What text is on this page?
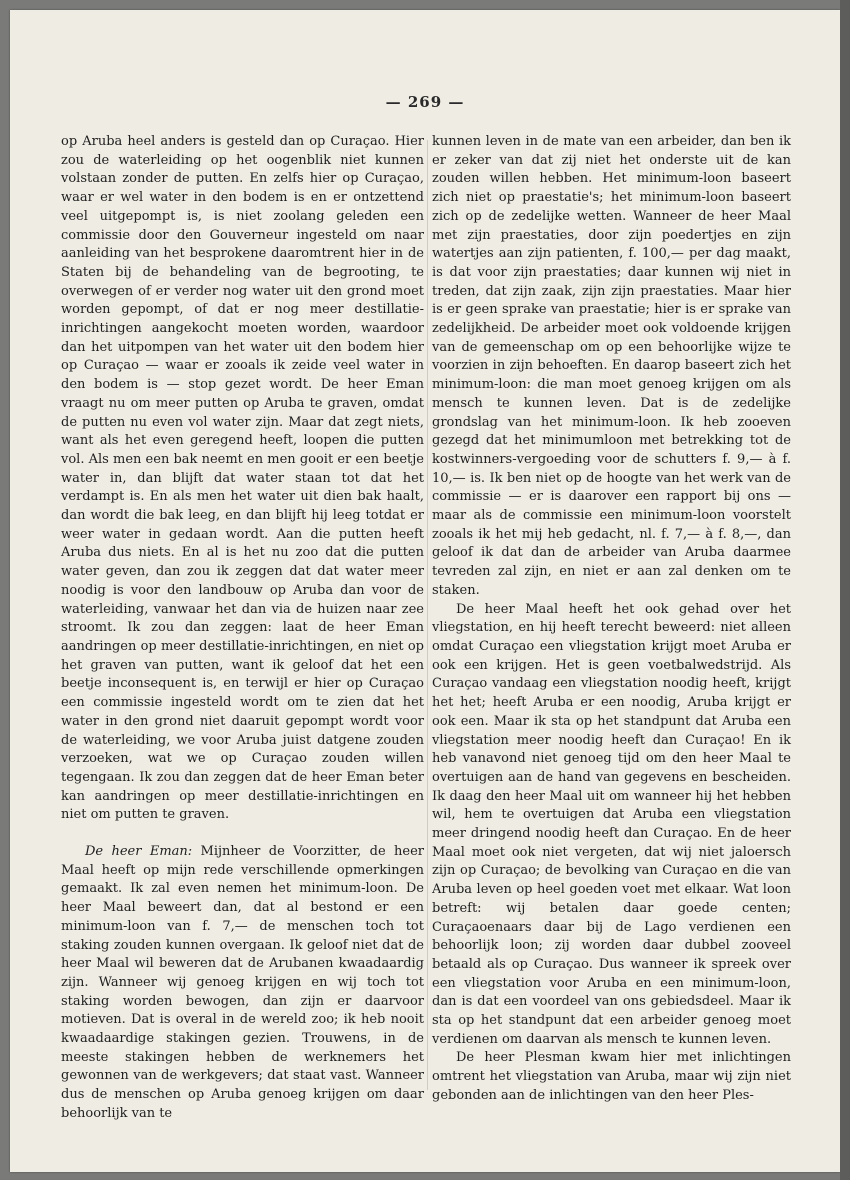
— 269 —

op Aruba heel anders is gesteld dan op Curaçao. Hier zou de waterleiding op het oogenblik niet kunnen volstaan zonder de putten. En zelfs hier op Curaçao, waar er wel water in den bodem is en er ontzettend veel uitgepompt is, is niet zoolang geleden een commissie door den Gouverneur ingesteld om naar aanleiding van het besprokene daaromtrent hier in de Staten bij de behandeling van de begrooting, te overwegen of er verder nog water uit den grond moet worden gepompt, of dat er nog meer destillatie-inrichtingen aangekocht moeten worden, waardoor dan het uitpompen van het water uit den bodem hier op Curaçao — waar er zooals ik zeide veel water in den bodem is — stop gezet wordt. De heer Eman vraagt nu om meer putten op Aruba te graven, omdat de putten nu even vol water zijn. Maar dat zegt niets, want als het even geregend heeft, loopen die putten vol. Als men een bak neemt en men gooit er een beetje water in, dan blijft dat water staan tot dat het verdampt is. En als men het water uit dien bak haalt, dan wordt die bak leeg, en dan blijft hij leeg totdat er weer water in gedaan wordt. Aan die putten heeft Aruba dus niets. En al is het nu zoo dat die putten water geven, dan zou ik zeggen dat dat water meer noodig is voor den landbouw op Aruba dan voor de waterleiding, vanwaar het dan via de huizen naar zee stroomt. Ik zou dan zeggen: laat de heer Eman aandringen op meer destillatie-inrichtingen, en niet op het graven van putten, want ik geloof dat het een beetje inconsequent is, en terwijl er hier op Curaçao een commissie ingesteld wordt om te zien dat het water in den grond niet daaruit gepompt wordt voor de waterleiding, we voor Aruba juist datgene zouden verzoeken, wat we op Curaçao zouden willen tegengaan. Ik zou dan zeggen dat de heer Eman beter kan aandringen op meer destillatie-inrichtingen en niet om putten te graven.

De heer Eman: Mijnheer de Voorzitter, de heer Maal heeft op mijn rede verschillende opmerkingen gemaakt. Ik zal even nemen het minimum-loon. De heer Maal beweert dan, dat al bestond er een minimum-loon van f. 7,— de menschen toch tot staking zouden kunnen overgaan. Ik geloof niet dat de heer Maal wil beweren dat de Arubanen kwaadaardig zijn. Wanneer wij genoeg krijgen en wij toch tot staking worden bewogen, dan zijn er daarvoor motieven. Dat is overal in de wereld zoo; ik heb nooit kwaadaardige stakingen gezien. Trouwens, in de meeste stakingen hebben de werknemers het gewonnen van de werkgevers; dat staat vast. Wanneer dus de menschen op Aruba genoeg krijgen om daar behoorlijk van te

kunnen leven in de mate van een arbeider, dan ben ik er zeker van dat zij niet het onderste uit de kan zouden willen hebben. Het minimum-loon baseert zich niet op praestatie's; het minimum-loon baseert zich op de zedelijke wetten. Wanneer de heer Maal met zijn praestaties, door zijn poedertjes en zijn watertjes aan zijn patienten, f. 100,— per dag maakt, is dat voor zijn praestaties; daar kunnen wij niet in treden, dat zijn zaak, zijn zijn praestaties. Maar hier is er geen sprake van praestatie; hier is er sprake van zedelijkheid. De arbeider moet ook voldoende krijgen van de gemeenschap om op een behoorlijke wijze te voorzien in zijn behoeften. En daarop baseert zich het minimum-loon: die man moet genoeg krijgen om als mensch te kunnen leven. Dat is de zedelijke grondslag van het minimum-loon. Ik heb zooeven gezegd dat het minimumloon met betrekking tot de kostwinners-vergoeding voor de schutters f. 9,— à f. 10,— is. Ik ben niet op de hoogte van het werk van de commissie — er is daarover een rapport bij ons — maar als de commissie een minimum-loon voorstelt zooals ik het mij heb gedacht, nl. f. 7,— à f. 8,—, dan geloof ik dat dan de arbeider van Aruba daarmee tevreden zal zijn, en niet er aan zal denken om te staken.

De heer Maal heeft het ook gehad over het vliegstation, en hij heeft terecht beweerd: niet alleen omdat Curaçao een vliegstation krijgt moet Aruba er ook een krijgen. Het is geen voetbalwedstrijd. Als Curaçao vandaag een vliegstation noodig heeft, krijgt het het; heeft Aruba er een noodig, Aruba krijgt er ook een. Maar ik sta op het standpunt dat Aruba een vliegstation meer noodig heeft dan Curaçao! En ik heb vanavond niet genoeg tijd om den heer Maal te overtuigen aan de hand van gegevens en bescheiden. Ik daag den heer Maal uit om wanneer hij het hebben wil, hem te overtuigen dat Aruba een vliegstation meer dringend noodig heeft dan Curaçao. En de heer Maal moet ook niet vergeten, dat wij niet jaloersch zijn op Curaçao; de bevolking van Curaçao en die van Aruba leven op heel goeden voet met elkaar. Wat loon betreft: wij betalen daar goede centen; Curaçaoenaars daar bij de Lago verdienen een behoorlijk loon; zij worden daar dubbel zooveel betaald als op Curaçao. Dus wanneer ik spreek over een vliegstation voor Aruba en een minimum-loon, dan is dat een voordeel van ons gebiedsdeel. Maar ik sta op het standpunt dat een arbeider genoeg moet verdienen om daarvan als mensch te kunnen leven.

De heer Plesman kwam hier met inlichtingen omtrent het vliegstation van Aruba, maar wij zijn niet gebonden aan de inlichtingen van den heer Ples-
